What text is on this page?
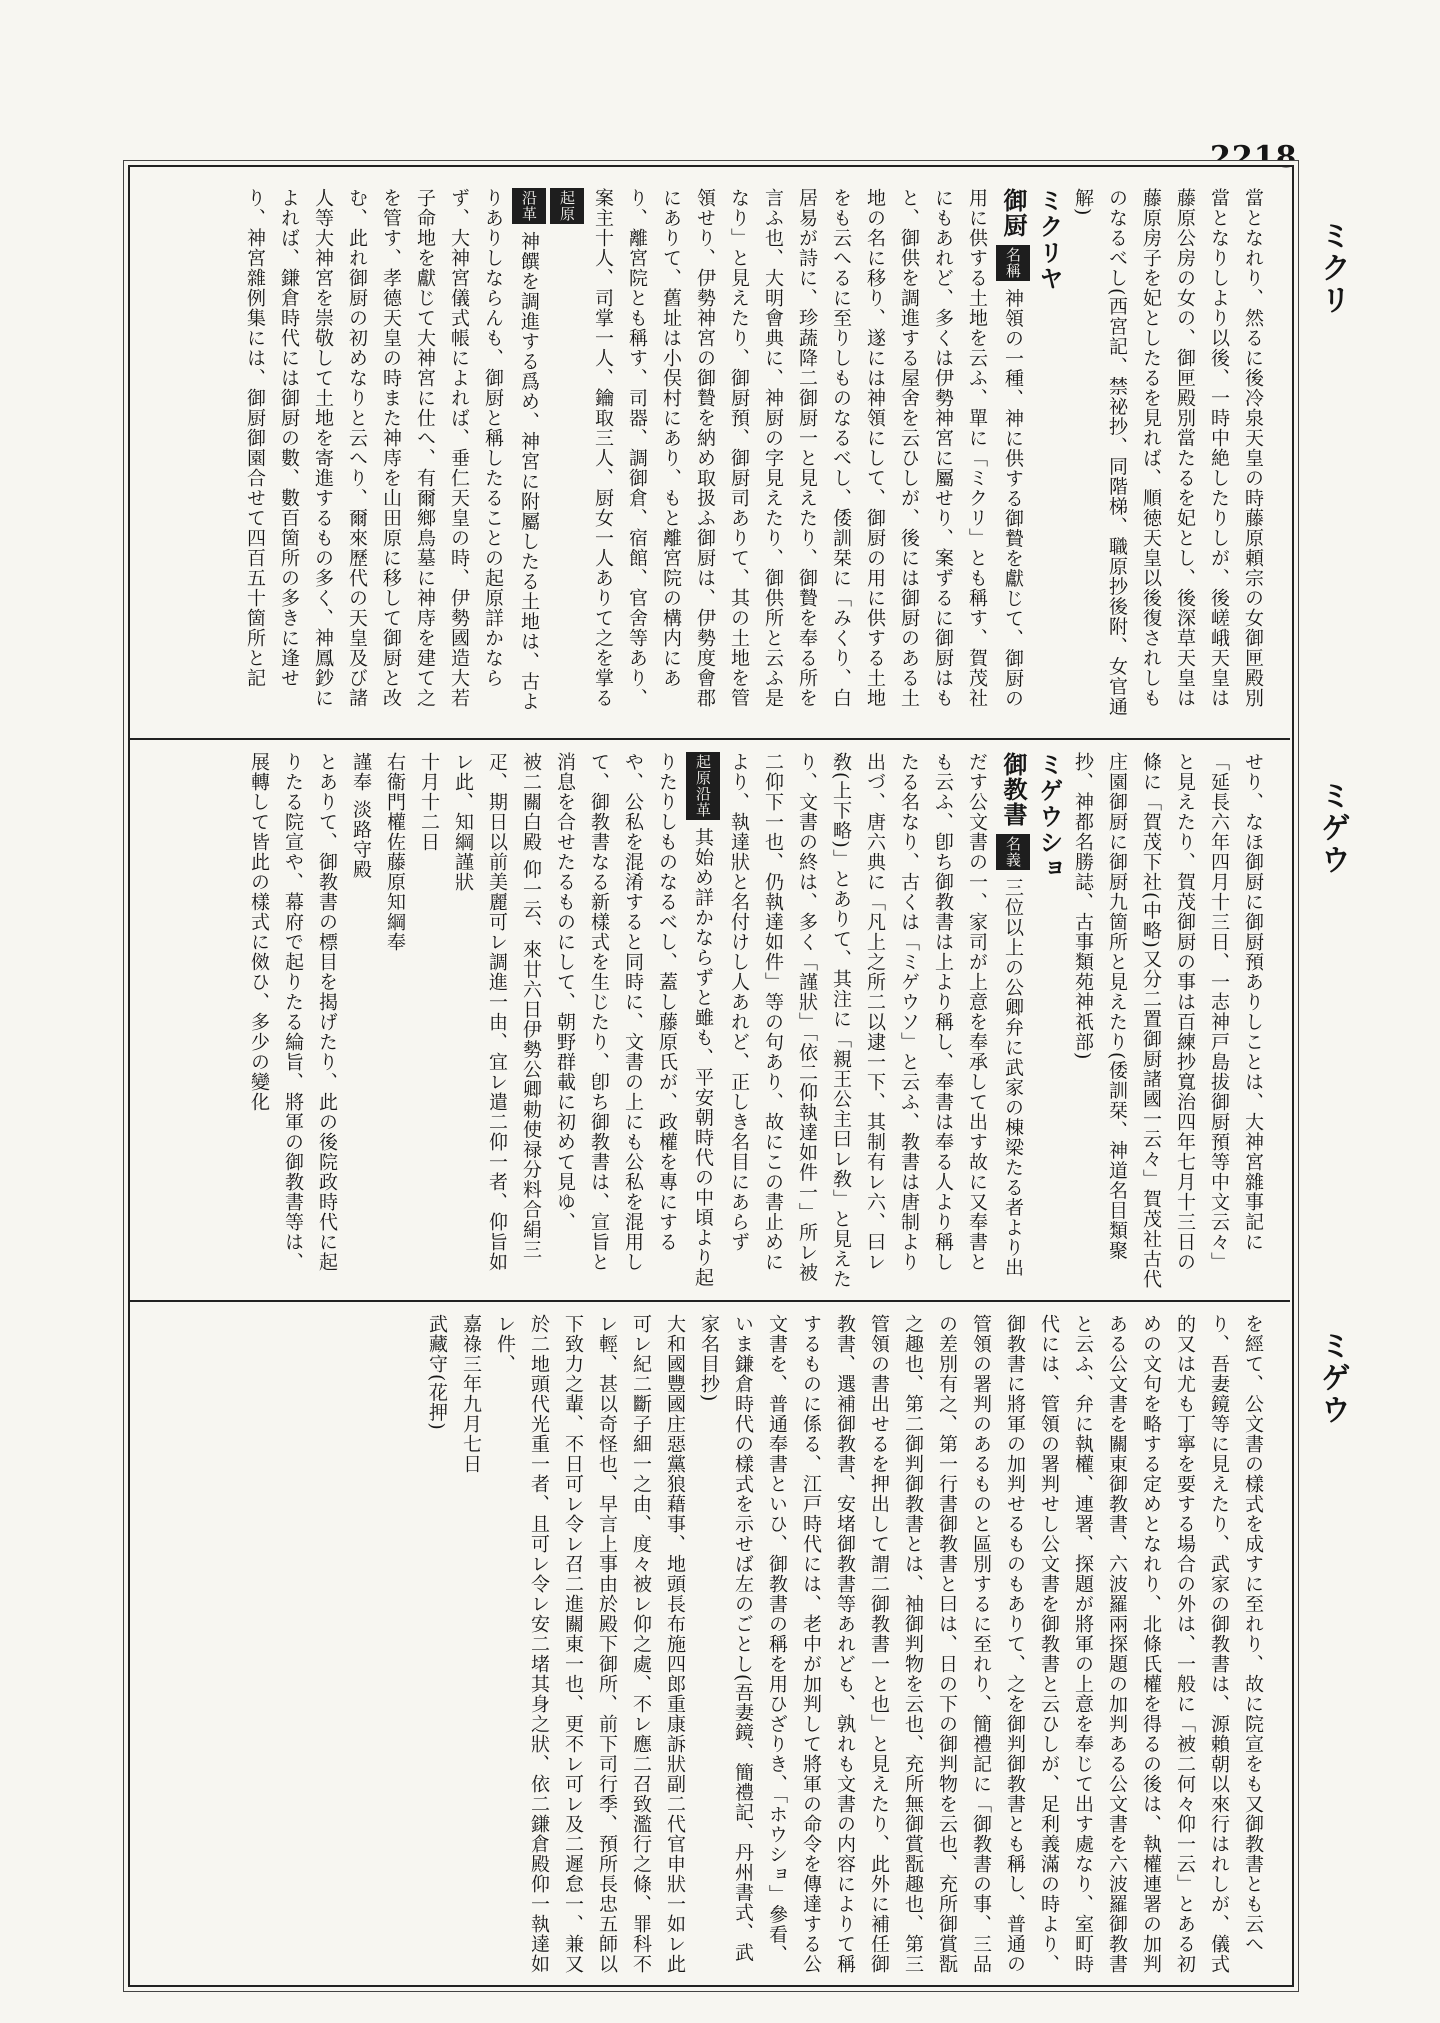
2218
ミクリ
ミゲウ
ミゲウ

當となれり、然るに後冷泉天皇の時藤原頼宗の女御匣殿別當となりしより以後、一時中絶したりしが、後嵯峨天皇は藤原公房の女の、御匣殿別當たるを妃とし、後深草天皇は藤原房子を妃としたるを見れば、順徳天皇以後復されしものなるべし(西宮記、禁祕抄、同階梯、職原抄後附、女官通解)

ミクリヤ

御厨 名稱 神領の一種、神に供する御贄を獻じて、御厨の用に供する土地を云ふ、單に「ミクリ」とも稱す、賀茂社にもあれど、多くは伊勢神宮に屬せり、案ずるに御厨はもと、御供を調進する屋舍を云ひしが、後には御厨のある土地の名に移り、遂には神領にして、御厨の用に供する土地をも云へるに至りしものなるべし、倭訓栞に「みくり、白居易が詩に、珍蔬降二御厨一と見えたり、御贄を奉る所を言ふ也、大明會典に、神厨の字見えたり、御供所と云ふ是なり」と見えたり、御厨預、御厨司ありて、其の土地を管領せり、伊勢神宮の御贄を納め取扱ふ御厨は、伊勢度會郡にありて、舊址は小俣村にあり、もと離宮院の構内にあり、離宮院とも稱す、司器、調御倉、宿館、官舍等あり、案主十人、司掌一人、鑰取三人、厨女一人ありて之を掌る 起原

沿革 神饌を調進する爲め、神宮に附屬したる土地は、古よりありしならんも、御厨と稱したることの起原詳かならず、大神宮儀式帳によれば、垂仁天皇の時、伊勢國造大若子命地を獻じて大神宮に仕へ、有爾鄉鳥墓に神庤を建て之を管す、孝德天皇の時また神庤を山田原に移して御厨と改む、此れ御厨の初めなりと云へり、爾來歷代の天皇及び諸人等大神宮を崇敬して土地を寄進するもの多く、神鳳鈔によれば、鎌倉時代には御厨の數、數百箇所の多きに逢せり、神宮雜例集には、御厨御園合せて四百五十箇所と記

せり、なほ御厨に御厨預ありしことは、大神宮雜事記に「延長六年四月十三日、一志神戸島拔御厨預等中文云々」と見えたり、賀茂御厨の事は百練抄寬治四年七月十三日の條に「賀茂下社(中略)又分二置御厨諸國一云々」賀茂社古代庄園御厨に御厨九箇所と見えたり(倭訓栞、神道名目類聚抄、神都名勝誌、古事類苑神祇部)

ミゲウショ

御教書 名義 三位以上の公卿弁に武家の棟梁たる者より出だす公文書の一、家司が上意を奉承して出す故に又奉書とも云ふ、卽ち御教書は上より稱し、奉書は奉る人より稱したる名なり、古くは「ミゲウソ」と云ふ、教書は唐制より出づ、唐六典に「凡上之所二以逮一下、其制有レ六、曰レ敎(上下略)」とありて、其注に「親王公主曰レ敎」と見えたり、文書の終は、多く「謹狀」「依二仰執達如件一」所レ被二仰下一也、仍執達如件」等の句あり、故にこの書止めにより、執達狀と名付けし人あれど、正しき名目にあらず 起原沿革 其始め詳かならずと雖も、平安朝時代の中頃より起りたりしものなるべし、蓋し藤原氏が、政權を專にするや、公私を混淆すると同時に、文書の上にも公私を混用して、御教書なる新樣式を生じたり、卽ち御教書は、宣旨と消息を合せたるものにして、朝野群載に初めて見ゆ、

被二關白殿 仰一云、來廿六日伊勢公卿勅使禄分料合絹三疋、期日以前美麗可レ調進一由、宜レ遣二仰一者、仰旨如レ此、知綱謹狀

十月十二日

右衞門權佐藤原知綱奉

謹奉 淡路守殿

とありて、御教書の標目を揭げたり、此の後院政時代に起りたる院宣や、幕府で起りたる綸旨、將軍の御教書等は、展轉して皆此の樣式に傚ひ、多少の變化

を經て、公文書の樣式を成すに至れり、故に院宣をも又御教書とも云へり、吾妻鏡等に見えたり、武家の御教書は、源賴朝以來行はれしが、儀式的又は尤も丁寧を要する場合の外は、一般に「被二何々仰一云」とある初めの文句を略する定めとなれり、北條氏權を得るの後は、執權連署の加判ある公文書を關東御教書、六波羅兩探題の加判ある公文書を六波羅御教書と云ふ、弁に執權、連署、探題が將軍の上意を奉じて出す處なり、室町時代には、管領の署判せし公文書を御教書と云ひしが、足利義滿の時より、御教書に將軍の加判せるものもありて、之を御判御教書とも稱し、普通の管領の署判のあるものと區別するに至れり、簡禮記に「御教書の事、三品の差別有之、第一行書御教書と曰は、日の下の御判物を云也、充所御賞翫之趣也、第二御判御教書とは、袖御判物を云也、充所無御賞翫趣也、第三管領の書出せるを押出して謂二御教書一と也」と見えたり、此外に補任御教書、選補御教書、安堵御教書等あれども、孰れも文書の内容によりて稱するものに係る、江戸時代には、老中が加判して將軍の命令を傳達する公文書を、普通奉書といひ、御教書の稱を用ひざりき、「ホウショ」參看、いま鎌倉時代の樣式を示せば左のごとし(吾妻鏡、簡禮記、丹州書式、武家名目抄)

大和國豐國庄惡黨狼藉事、地頭長布施四郎重康訴狀副二代官申狀一如レ此可レ紀二斷子細一之由、度々被レ仰之處、不レ應二召致濫行之條、罪科不レ輕、甚以奇怪也、早言上事由於殿下御所、前下司行季、預所長忠五師以下致力之輩、不日可レ令レ召二進關東一也、更不レ可レ及二遲怠一、兼又於二地頭代光重一者、且可レ令レ安二堵其身之狀、依二鎌倉殿仰一執達如レ件、

嘉祿三年九月七日

武藏守(花押)
